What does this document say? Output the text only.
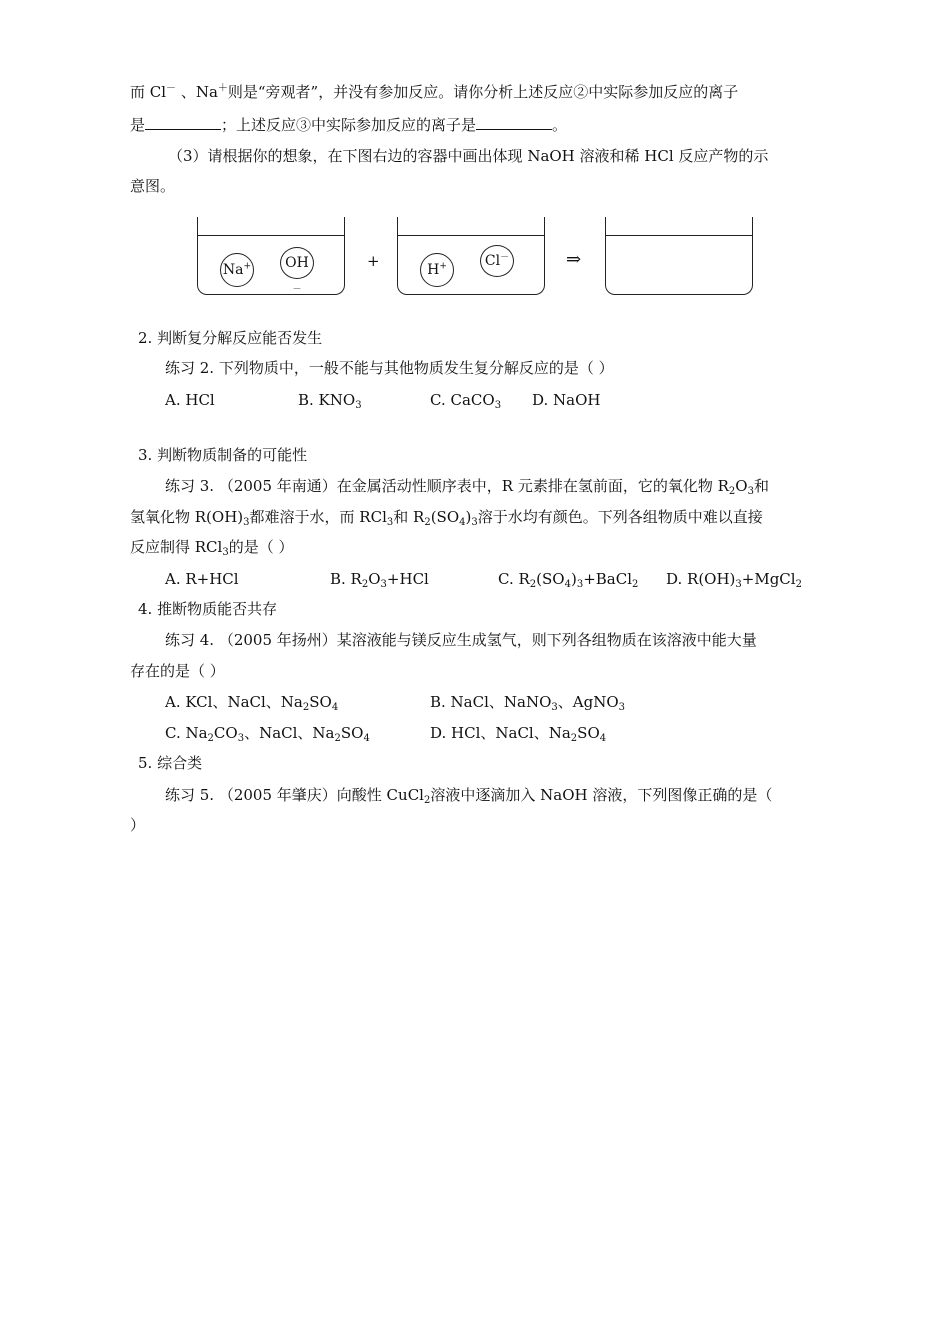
而 Cl－ 、Na＋则是“旁观者”，并没有参加反应。请你分析上述反应②中实际参加反应的离子
是	；上述反应③中实际参加反应的离子是	。
（3）请根据你的想象，在下图右边的容器中画出体现 NaOH 溶液和稀 HCl 反应产物的示
意图。
Na+	OH－
+	H+	Cl－	⇒
2. 判断复分解反应能否发生
练习 2. 下列物质中，一般不能与其他物质发生复分解反应的是（ ）
A. HCl	B. $KNO_3$	C. CaCO$_3$ D. NaOH
3. 判断物质制备的可能性
练习 3. （2005 年南通）在金属活动性顺序表中，R 元素排在氢前面，它的氧化物 $R_2O_3$和
氢氧化物 $R(OH)_3$都难溶于水，而 RCl$_3$和 $R_2(SO_4)_3$溶于水均有颜色。下列各组物质中难以直接
反应制得 RCl$_3$的是（ ）
A. R+HCl	B. $R_2O_3+HCl$	C. $R_2(SO_4)_3+BaCl_2$ D. $R(OH)_3+MgCl_2$
4. 推断物质能否共存
练习 4. （2005 年扬州）某溶液能与镁反应生成氢气，则下列各组物质在该溶液中能大量
存在的是（ ）
A. KCl、NaCl、$Na_2SO_4$	B. NaCl、NaNO$_3$、AgNO$_3$
C. $Na_2CO_3$、NaCl、$Na_2SO_4$	D. HCl、NaCl、$Na_2SO_4$
5. 综合类
练习 5. （2005 年肇庆）向酸性 CuCl$_2$溶液中逐滴加入 NaOH 溶液，下列图像正确的是（
）
